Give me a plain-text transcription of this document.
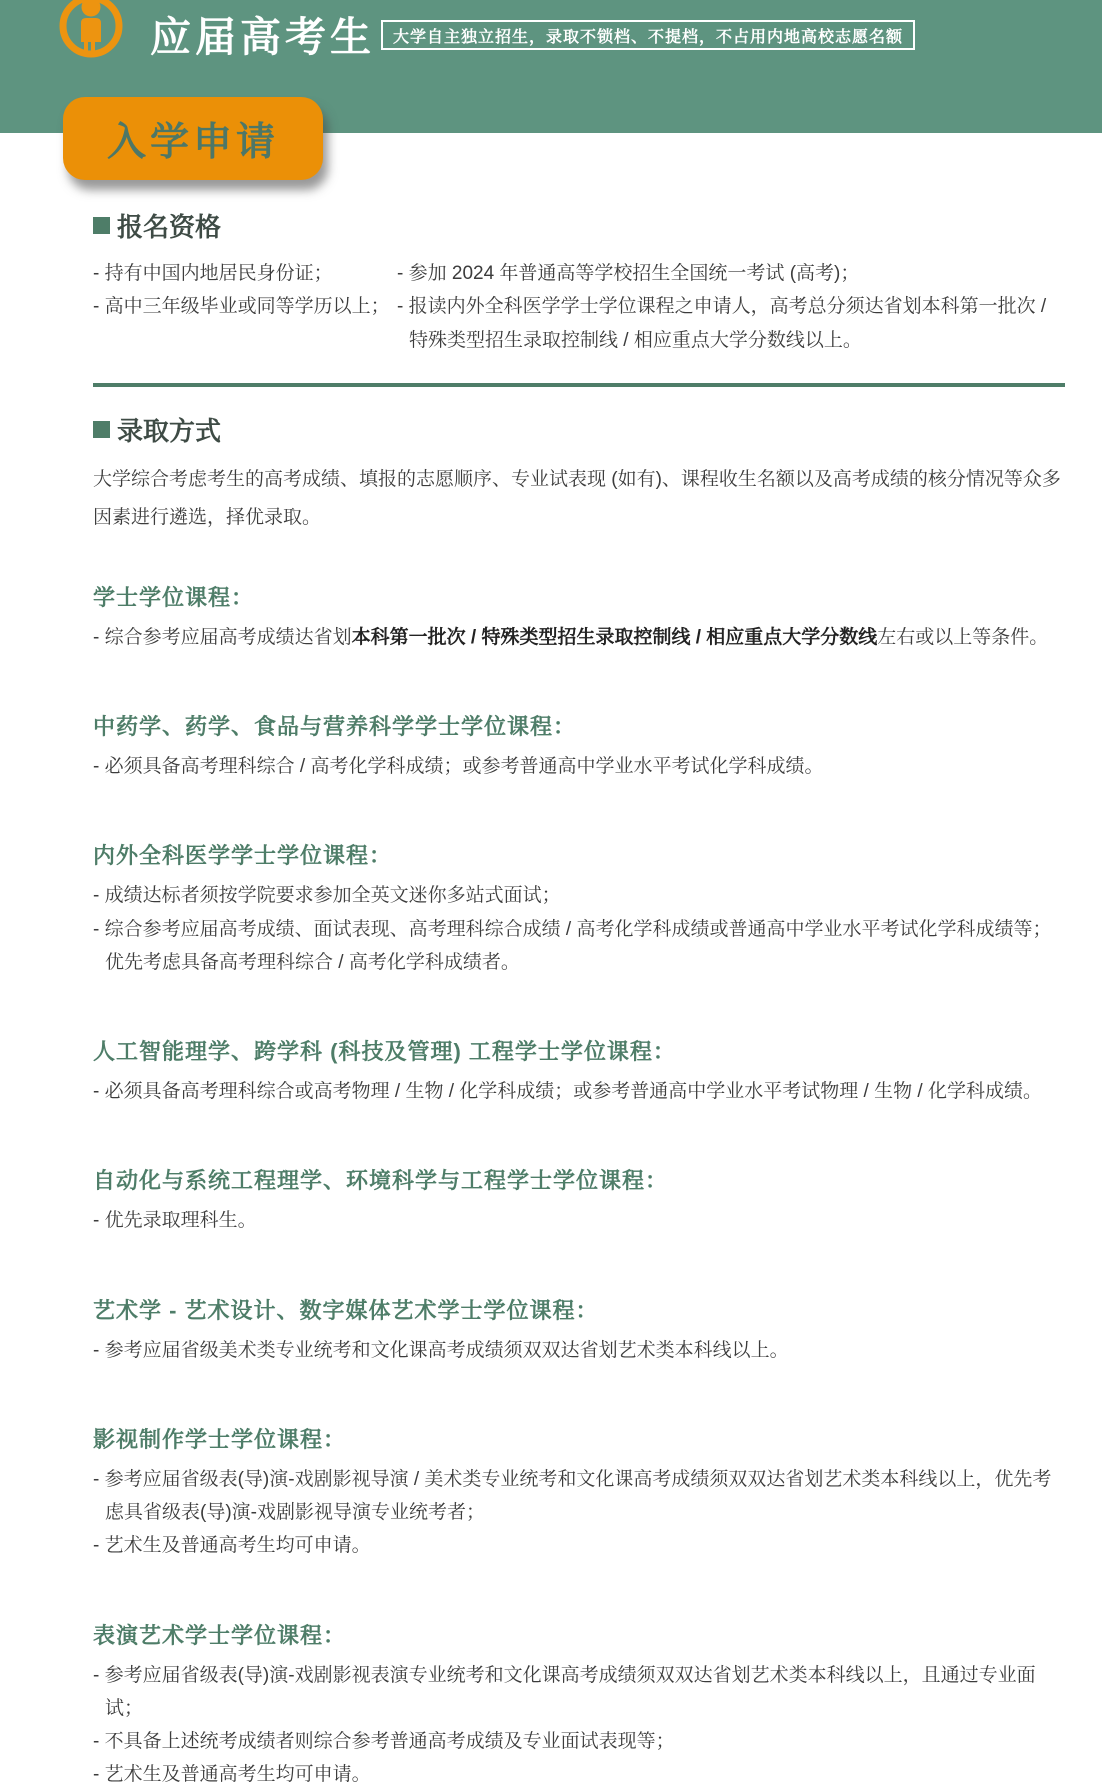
应届高考生 大学自主独立招生，录取不锁档、不提档，不占用内地高校志愿名额
入学申请
报名资格
- 持有中国内地居民身份证；
- 高中三年级毕业或同等学历以上；
- 参加 2024 年普通高等学校招生全国统一考试 (高考)；
- 报读内外全科医学学士学位课程之申请人，高考总分须达省划本科第一批次 / 特殊类型招生录取控制线 / 相应重点大学分数线以上。
录取方式

大学综合考虑考生的高考成绩、填报的志愿顺序、专业试表现 (如有)、课程收生名额以及高考成绩的核分情况等众多因素进行遴选，择优录取。

学士学位课程：
- 综合参考应届高考成绩达省划本科第一批次 / 特殊类型招生录取控制线 / 相应重点大学分数线左右或以上等条件。
中药学、药学、食品与营养科学学士学位课程：
- 必须具备高考理科综合 / 高考化学科成绩；或参考普通高中学业水平考试化学科成绩。
内外全科医学学士学位课程：
- 成绩达标者须按学院要求参加全英文迷你多站式面试；
- 综合参考应届高考成绩、面试表现、高考理科综合成绩 / 高考化学科成绩或普通高中学业水平考试化学科成绩等；优先考虑具备高考理科综合 / 高考化学科成绩者。
人工智能理学、跨学科 (科技及管理) 工程学士学位课程：
- 必须具备高考理科综合或高考物理 / 生物 / 化学科成绩；或参考普通高中学业水平考试物理 / 生物 / 化学科成绩。
自动化与系统工程理学、环境科学与工程学士学位课程：
- 优先录取理科生。
艺术学 - 艺术设计、数字媒体艺术学士学位课程：
- 参考应届省级美术类专业统考和文化课高考成绩须双双达省划艺术类本科线以上。
影视制作学士学位课程：
- 参考应届省级表(导)演-戏剧影视导演 / 美术类专业统考和文化课高考成绩须双双达省划艺术类本科线以上，优先考虑具省级表(导)演-戏剧影视导演专业统考者；
- 艺术生及普通高考生均可申请。
表演艺术学士学位课程：
- 参考应届省级表(导)演-戏剧影视表演专业统考和文化课高考成绩须双双达省划艺术类本科线以上，且通过专业面试；
- 不具备上述统考成绩者则综合参考普通高考成绩及专业面试表现等；
- 艺术生及普通高考生均可申请。
